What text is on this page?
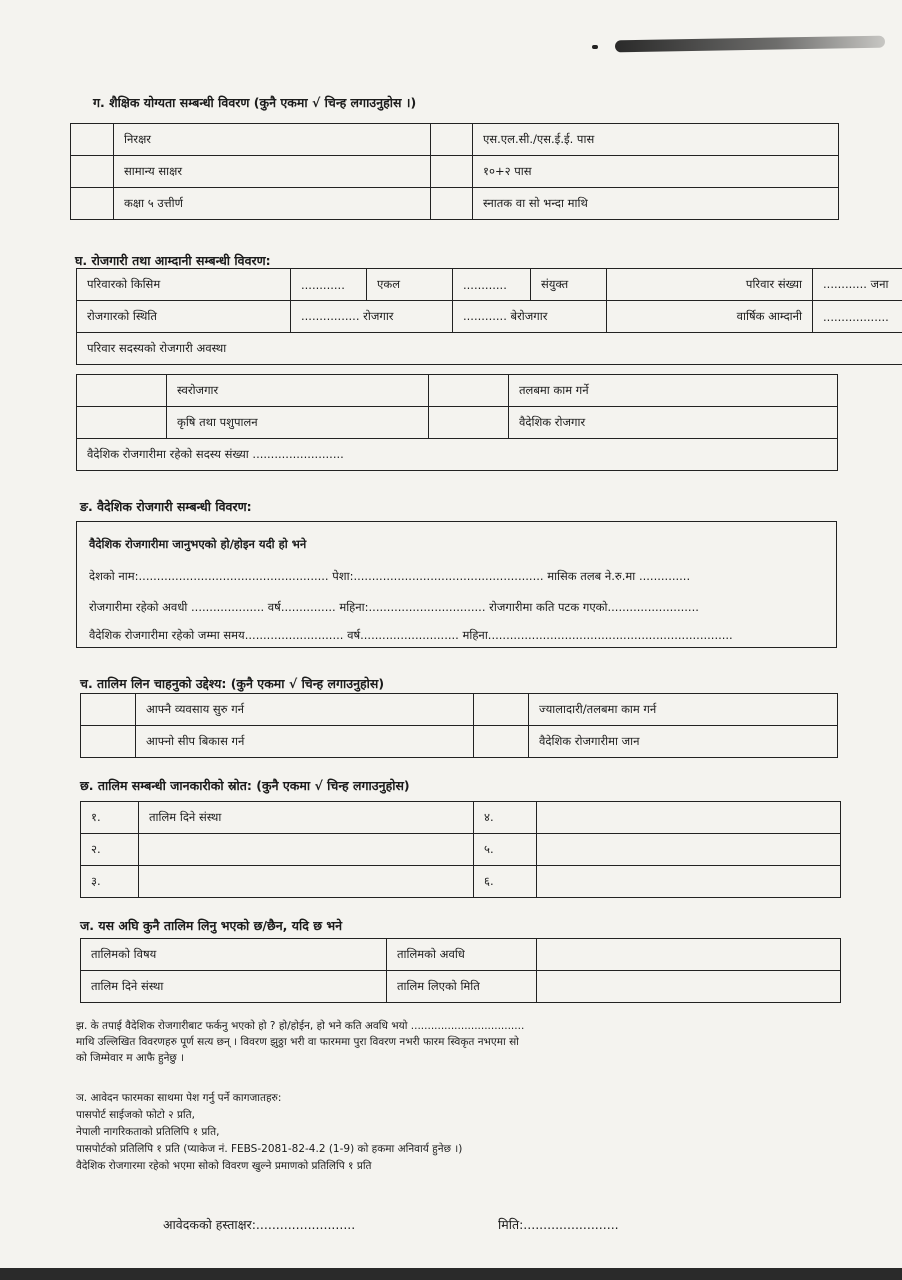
ग. शैक्षिक योग्यता सम्बन्धी विवरण (कुनै एकमा √ चिन्ह लगाउनुहोस ।)
	निरक्षर		एस.एल.सी./एस.ई.ई. पास
	सामान्य साक्षर		१०+२ पास
	कक्षा ५ उत्तीर्ण		स्नातक वा सो भन्दा माथि
घ. रोजगारी तथा आम्दानी सम्बन्धी विवरण:
परिवारको किसिम	............	एकल	............	संयुक्त	परिवार संख्या	............ जना
रोजगारको स्थिति	................ रोजगार		............ बेरोजगार		वार्षिक आम्दानी	..................
परिवार सदस्यको रोजगारी अवस्था						
	स्वरोजगार		तलबमा काम गर्ने
	कृषि तथा पशुपालन		वैदेशिक रोजगार
वैदेशिक रोजगारीमा रहेको सदस्य संख्या .........................			
ङ. वैदेशिक रोजगारी सम्बन्धी विवरण:
वैदेशिक रोजगारीमा जानुभएको हो/होइन यदी हो भने
देशको नाम:.................................................... पेशा:.................................................... मासिक तलब ने.रु.मा ..............
रोजगारीमा रहेको अवधी .................... वर्ष............... महिना:................................ रोजगारीमा कति पटक गएको.........................
वैदेशिक रोजगारीमा रहेको जम्मा समय........................... वर्ष........................... महिना...................................................................
च. तालिम लिन चाहनुको उद्देश्य: (कुनै एकमा √ चिन्ह लगाउनुहोस)
	आफ्नै व्यवसाय सुरु गर्न		ज्यालादारी/तलबमा काम गर्न
	आफ्नो सीप बिकास गर्न		वैदेशिक रोजगारीमा जान
छ. तालिम सम्बन्धी जानकारीको स्रोत: (कुनै एकमा √ चिन्ह लगाउनुहोस)
१.	तालिम दिने संस्था	४.	
२.		५.	
३.		६.	
ज. यस अघि कुनै तालिम लिनु भएको छ/छैन, यदि छ भने
तालिमको विषय	तालिमको अवधि	
तालिम दिने संस्था	तालिम लिएको मिति	
झ. के तपाई वैदेशिक रोजगारीबाट फर्कनु भएको हो ? हो/होईन, हो भने कति अवधि भयो ..................................
माथि उल्लिखित विवरणहरु पूर्ण सत्य छन् । विवरण झुठ्ठा भरी वा फारममा पुरा विवरण नभरी फारम स्विकृत नभएमा सो
को जिम्मेवार म आफै हुनेछु ।
ञ. आवेदन फारमका साथमा पेश गर्नु पर्ने कागजातहरु:
पासपोर्ट साईजको फोटो २ प्रति,
नेपाली नागरिकताको प्रतिलिपि १ प्रति,
पासपोर्टको प्रतिलिपि १ प्रति (प्याकेज नं. FEBS-2081-82-4.2 (1-9) को हकमा अनिवार्य हुनेछ ।)
वैदेशिक रोजगारमा रहेको भएमा सोको विवरण खुल्ने प्रमाणको प्रतिलिपि १ प्रति
आवेदकको हस्ताक्षर:.........................	मिति:........................
